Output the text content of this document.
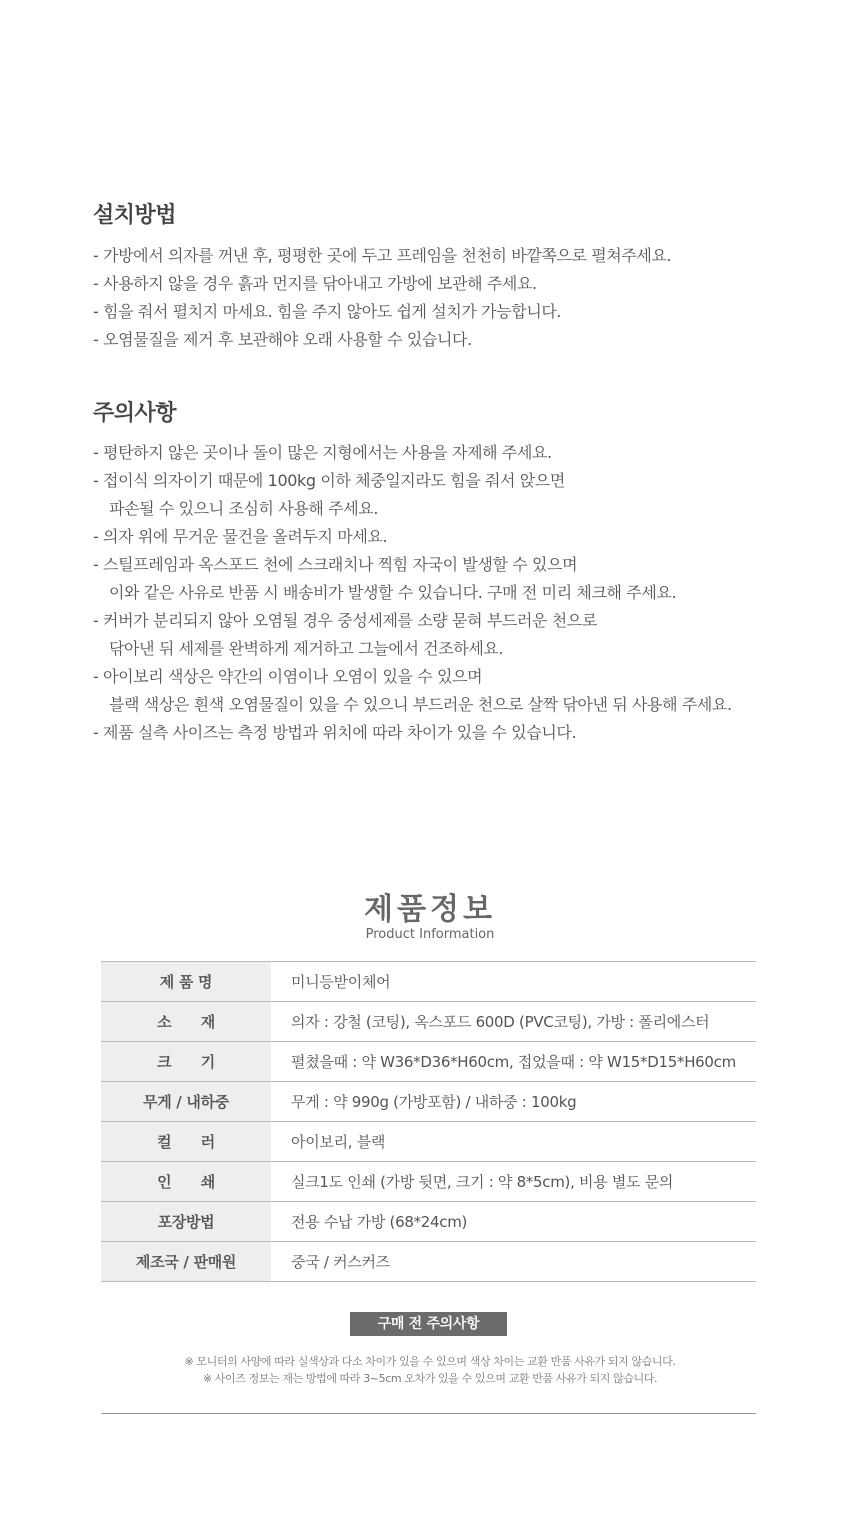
설치방법
- 가방에서 의자를 꺼낸 후, 평평한 곳에 두고 프레임을 천천히 바깥쪽으로 펼쳐주세요.
- 사용하지 않을 경우 흙과 먼지를 닦아내고 가방에 보관해 주세요.
- 힘을 줘서 펼치지 마세요. 힘을 주지 않아도 쉽게 설치가 가능합니다.
- 오염물질을 제거 후 보관해야 오래 사용할 수 있습니다.
주의사항
- 평탄하지 않은 곳이나 돌이 많은 지형에서는 사용을 자제해 주세요.
- 접이식 의자이기 때문에 100kg 이하 체중일지라도 힘을 줘서 앉으면
파손될 수 있으니 조심히 사용해 주세요.
- 의자 위에 무거운 물건을 올려두지 마세요.
- 스틸프레임과 옥스포드 천에 스크래치나 찍힘 자국이 발생할 수 있으며
이와 같은 사유로 반품 시 배송비가 발생할 수 있습니다. 구매 전 미리 체크해 주세요.
- 커버가 분리되지 않아 오염될 경우 중성세제를 소량 묻혀 부드러운 천으로
닦아낸 뒤 세제를 완벽하게 제거하고 그늘에서 건조하세요.
- 아이보리 색상은 약간의 이염이나 오염이 있을 수 있으며
블랙 색상은 흰색 오염물질이 있을 수 있으니 부드러운 천으로 살짝 닦아낸 뒤 사용해 주세요.
- 제품 실측 사이즈는 측정 방법과 위치에 따라 차이가 있을 수 있습니다.
제품정보
Product Information
제 품 명	미니등받이체어
소　　재	의자 : 강철 (코팅), 옥스포드 600D (PVC코팅), 가방 : 폴리에스터
크　　기	펼쳤을때 : 약 W36*D36*H60cm, 접었을때 : 약 W15*D15*H60cm
무게 / 내하중	무게 : 약 990g (가방포함) / 내하중 : 100kg
컬　　러	아이보리, 블랙
인　　쇄	실크1도 인쇄 (가방 뒷면, 크기 : 약 8*5cm), 비용 별도 문의
포장방법	전용 수납 가방 (68*24cm)
제조국 / 판매원	중국 / 커스커즈
구매 전 주의사항
※ 모니터의 사양에 따라 실색상과 다소 차이가 있을 수 있으며 색상 차이는 교환 반품 사유가 되지 않습니다.
※ 사이즈 정보는 재는 방법에 따라 3~5cm 오차가 있을 수 있으며 교환 반품 사유가 되지 않습니다.
